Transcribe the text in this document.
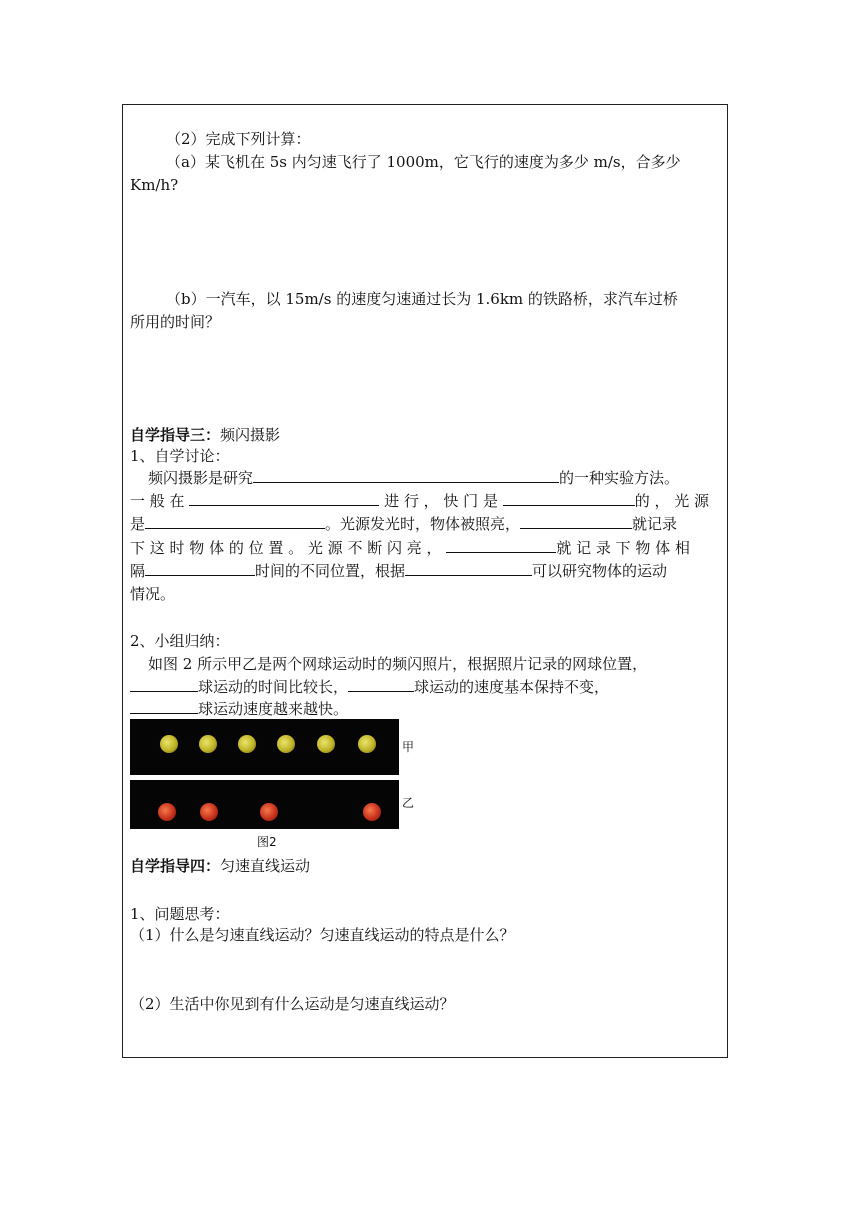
（2）完成下列计算：
（a）某飞机在 5s 内匀速飞行了 1000m，它飞行的速度为多少 m/s，合多少
Km/h?
（b）一汽车，以 15m/s 的速度匀速通过长为 1.6km 的铁路桥，求汽车过桥
所用的时间？
自学指导三：频闪摄影
1、自学讨论：
频闪摄影是研究	的一种实验方法。
一 般 在	进 行 ， 快 门 是	的 ， 光 源
是	。光源发光时，物体被照亮，	就记录
下 这 时 物 体 的 位 置 。 光 源 不 断 闪 亮 ，	就 记 录 下 物 体 相
隔	时间的不同位置，根据	可以研究物体的运动
情况。
2、小组归纳：
如图 2 所示甲乙是两个网球运动时的频闪照片，根据照片记录的网球位置，
球运动的时间比较长，	球运动的速度基本保持不变，
球运动速度越来越快。
甲
乙
图2
自学指导四：匀速直线运动
1、问题思考：
（1）什么是匀速直线运动？匀速直线运动的特点是什么？
（2）生活中你见到有什么运动是匀速直线运动？
